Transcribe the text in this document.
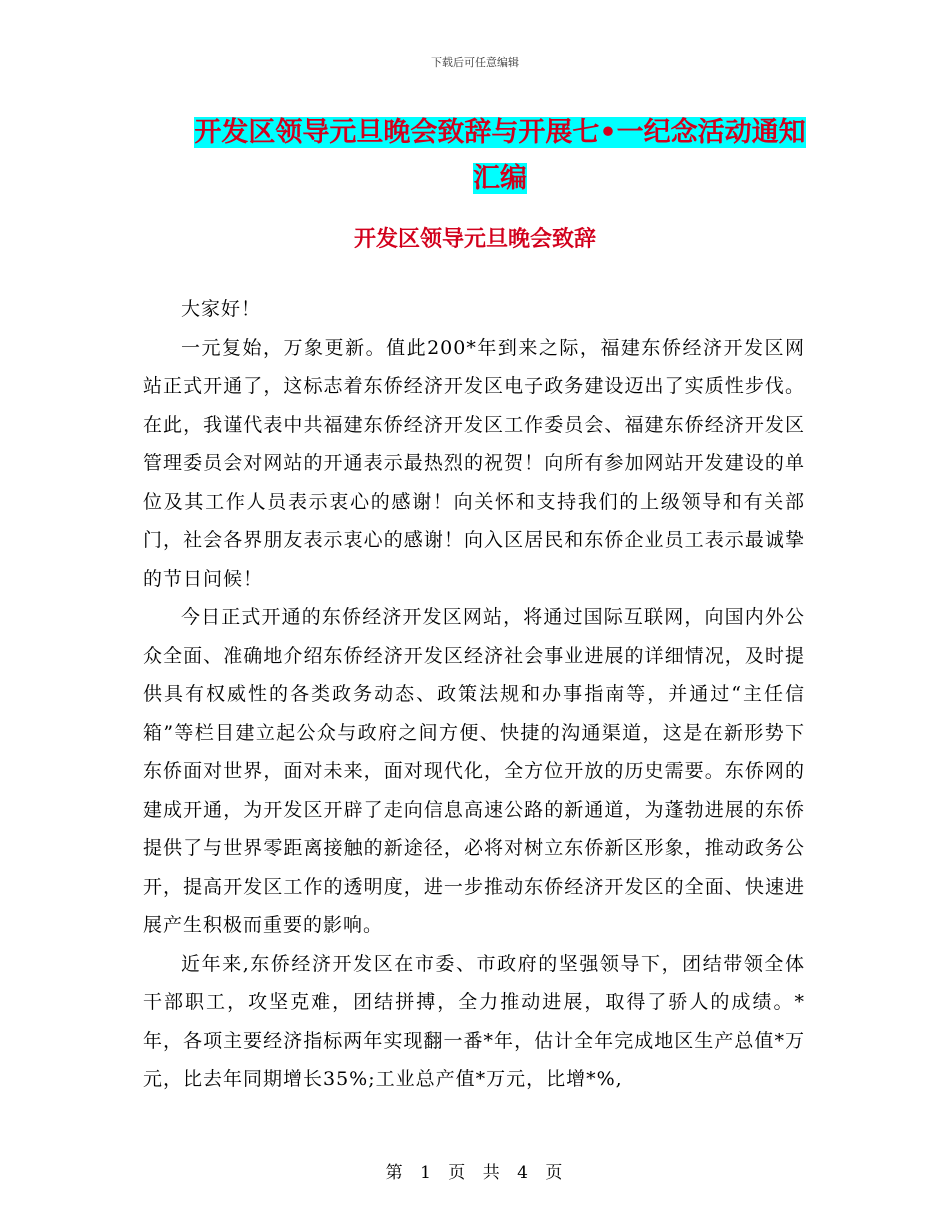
下载后可任意编辑
开发区领导元旦晚会致辞与开展七•一纪念活动通知
汇编
开发区领导元旦晚会致辞

大家好！

一元复始，万象更新。值此200*年到来之际，福建东侨经济开发区网站正式开通了，这标志着东侨经济开发区电子政务建设迈出了实质性步伐。在此，我谨代表中共福建东侨经济开发区工作委员会、福建东侨经济开发区管理委员会对网站的开通表示最热烈的祝贺！向所有参加网站开发建设的单位及其工作人员表示衷心的感谢！向关怀和支持我们的上级领导和有关部门，社会各界朋友表示衷心的感谢！向入区居民和东侨企业员工表示最诚挚的节日问候！

今日正式开通的东侨经济开发区网站，将通过国际互联网，向国内外公众全面、准确地介绍东侨经济开发区经济社会事业进展的详细情况，及时提供具有权威性的各类政务动态、政策法规和办事指南等，并通过“主任信箱”等栏目建立起公众与政府之间方便、快捷的沟通渠道，这是在新形势下东侨面对世界，面对未来，面对现代化，全方位开放的历史需要。东侨网的建成开通，为开发区开辟了走向信息高速公路的新通道，为蓬勃进展的东侨提供了与世界零距离接触的新途径，必将对树立东侨新区形象，推动政务公开，提高开发区工作的透明度，进一步推动东侨经济开发区的全面、快速进展产生积极而重要的影响。

近年来,东侨经济开发区在市委、市政府的坚强领导下，团结带领全体干部职工，攻坚克难，团结拼搏，全力推动进展，取得了骄人的成绩。*年，各项主要经济指标两年实现翻一番*年，估计全年完成地区生产总值*万元，比去年同期增长35%;工业总产值*万元，比增*%,

第 1 页 共 4 页
